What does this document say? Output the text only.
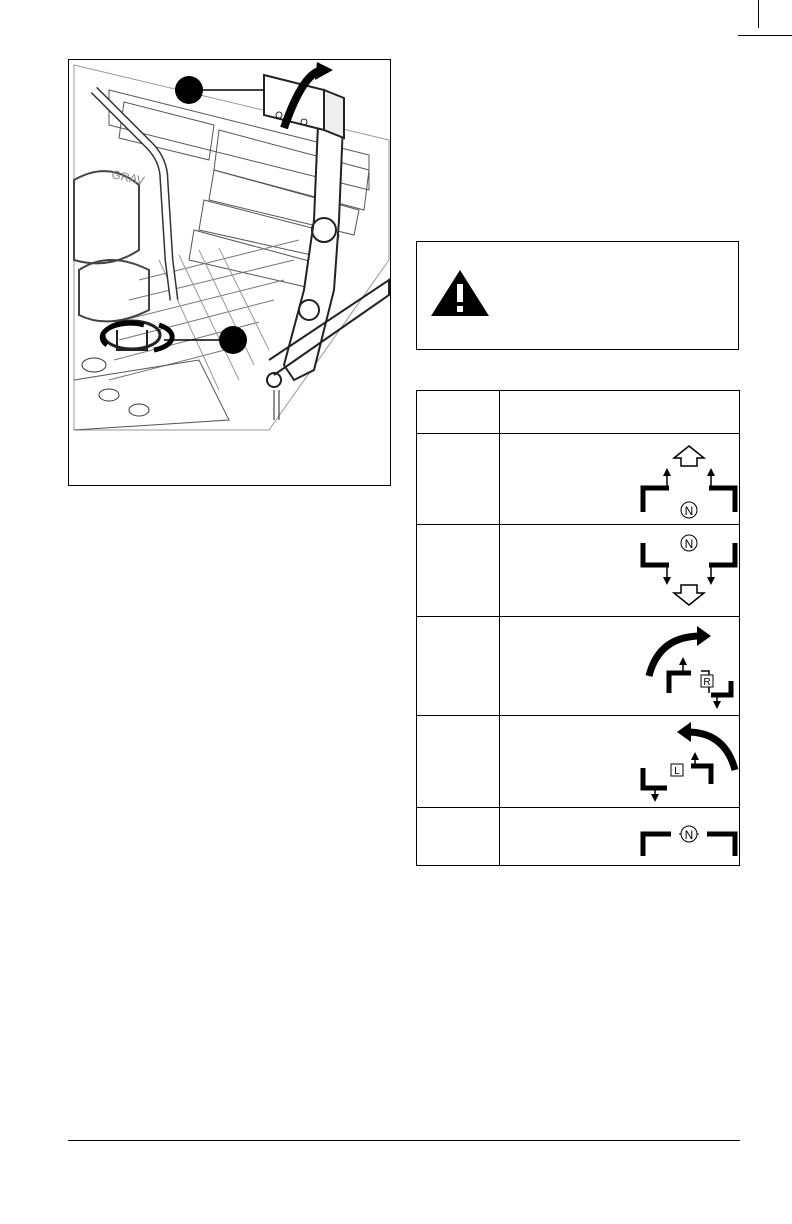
GRAV
N
N
R
L
N
